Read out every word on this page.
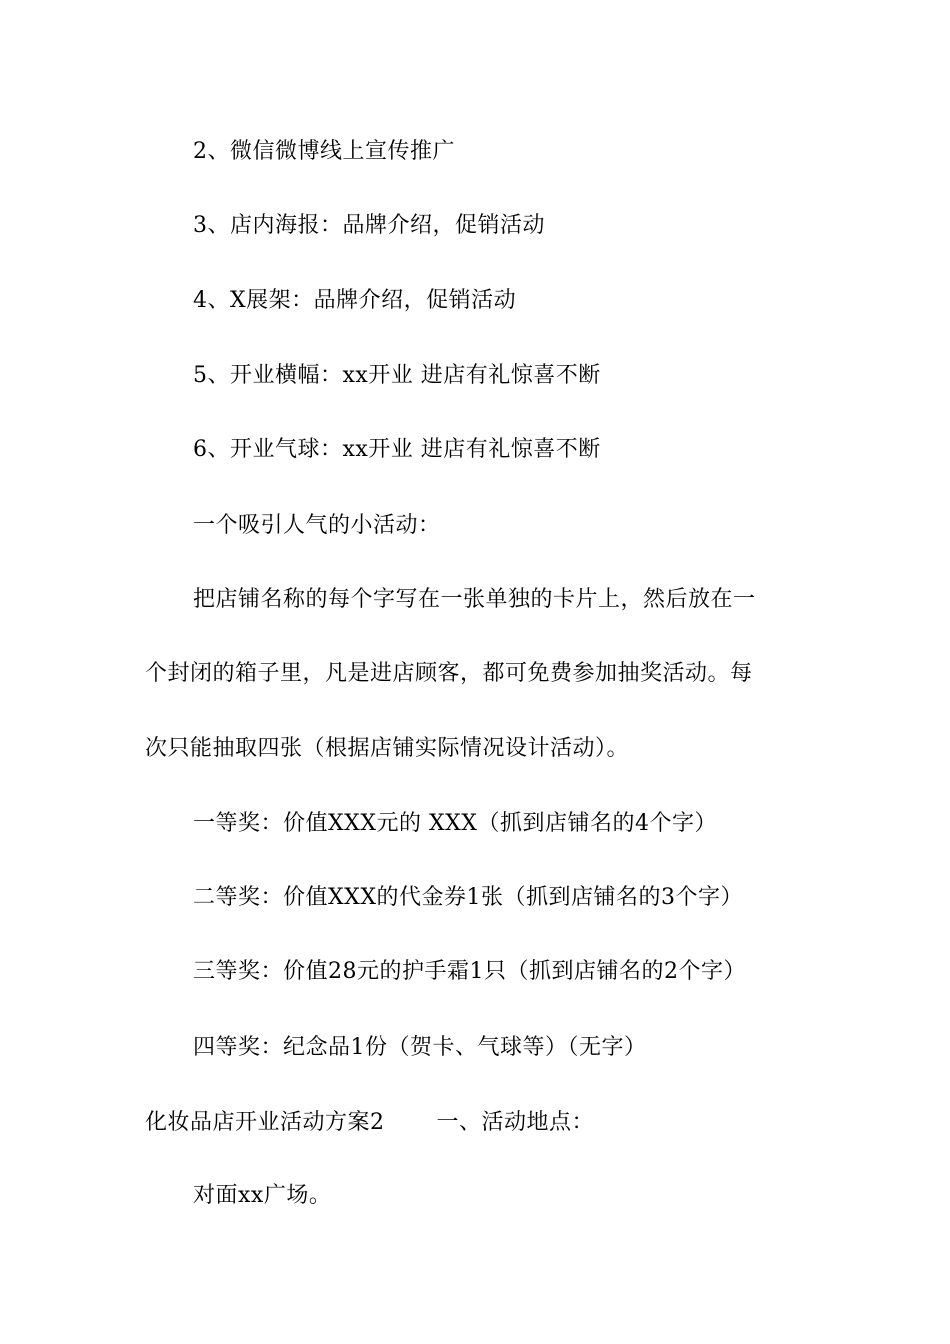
2、微信微博线上宣传推广
3、店内海报：品牌介绍，促销活动
4、X展架：品牌介绍，促销活动
5、开业横幅：xx开业 进店有礼惊喜不断
6、开业气球：xx开业 进店有礼惊喜不断
一个吸引人气的小活动：
把店铺名称的每个字写在一张单独的卡片上，然后放在一
个封闭的箱子里，凡是进店顾客，都可免费参加抽奖活动。每
次只能抽取四张（根据店铺实际情况设计活动）。
一等奖：价值XXX元的 XXX（抓到店铺名的4个字）
二等奖：价值XXX的代金券1张（抓到店铺名的3个字）
三等奖：价值28元的护手霜1只（抓到店铺名的2个字）
四等奖：纪念品1份（贺卡、气球等）（无字）
化妆品店开业活动方案2 一、活动地点：
对面xx广场。
